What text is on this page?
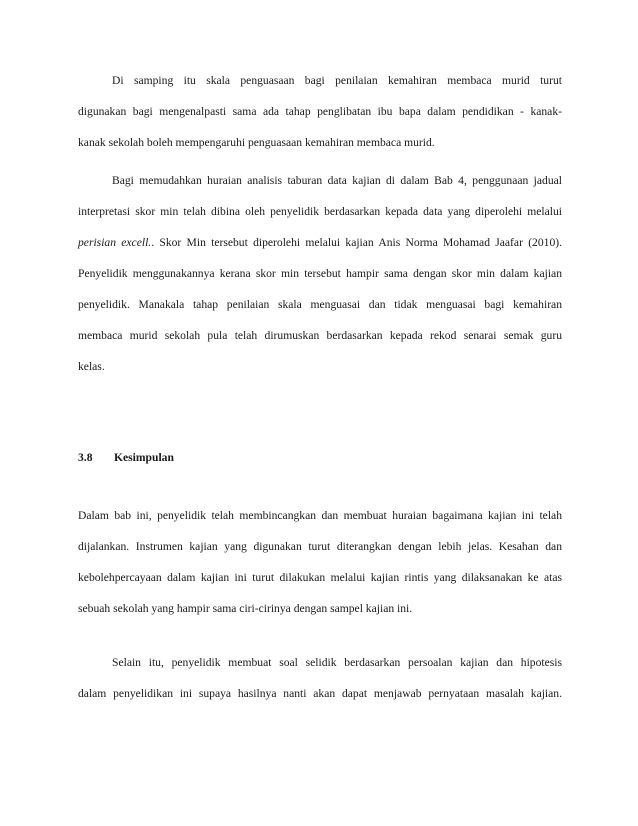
Di samping itu skala penguasaan bagi penilaian kemahiran membaca murid turut
digunakan bagi mengenalpasti sama ada tahap penglibatan ibu bapa dalam pendidikan - kanak-
kanak sekolah boleh mempengaruhi penguasaan kemahiran membaca murid.
Bagi memudahkan huraian analisis taburan data kajian di dalam Bab 4, penggunaan jadual
interpretasi skor min telah dibina oleh penyelidik berdasarkan kepada data yang diperolehi melalui
perisian excell.. Skor Min tersebut diperolehi melalui kajian Anis Norma Mohamad Jaafar (2010).
Penyelidik menggunakannya kerana skor min tersebut hampir sama dengan skor min dalam kajian
penyelidik. Manakala tahap penilaian skala menguasai dan tidak menguasai bagi kemahiran
membaca murid sekolah pula telah dirumuskan berdasarkan kepada rekod senarai semak guru
kelas.
3.8 Kesimpulan
Dalam bab ini, penyelidik telah membincangkan dan membuat huraian bagaimana kajian ini telah
dijalankan. Instrumen kajian yang digunakan turut diterangkan dengan lebih jelas. Kesahan dan
kebolehpercayaan dalam kajian ini turut dilakukan melalui kajian rintis yang dilaksanakan ke atas
sebuah sekolah yang hampir sama ciri-cirinya dengan sampel kajian ini.
Selain itu, penyelidik membuat soal selidik berdasarkan persoalan kajian dan hipotesis
dalam penyelidikan ini supaya hasilnya nanti akan dapat menjawab pernyataan masalah kajian.
